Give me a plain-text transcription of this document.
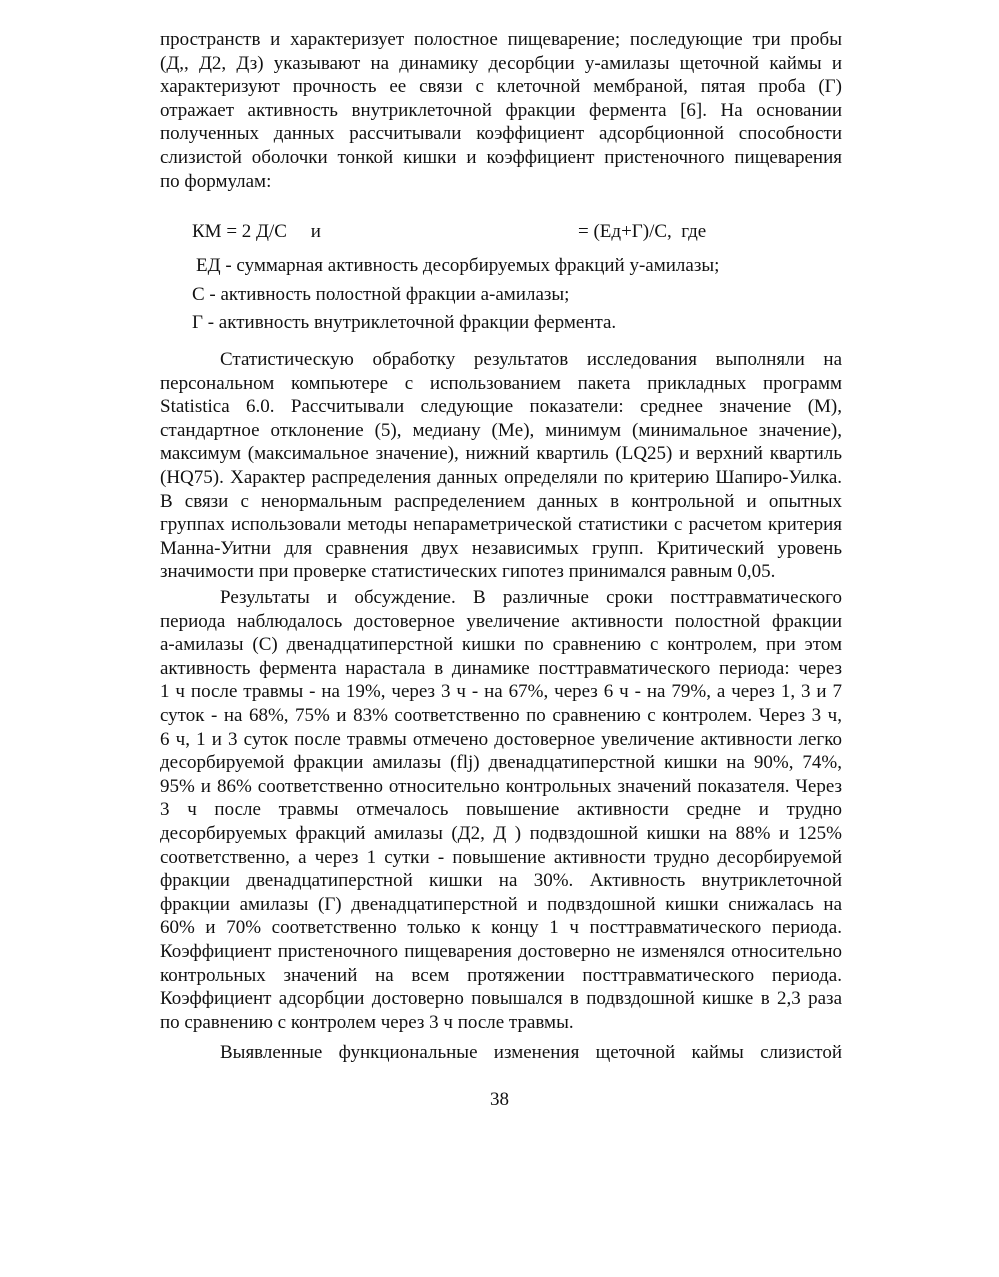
пространств и характеризует полостное пищеварение; последующие три пробы
(Д,, Д2, Дз) указывают на динамику десорбции у-амилазы щеточной каймы и
характеризуют прочность ее связи с клеточной мембраной, пятая проба (Г)
отражает активность внутриклеточной фракции фермента [6]. На основании
полученных данных рассчитывали коэффициент адсорбционной способности
слизистой оболочки тонкой кишки и коэффициент пристеночного пищеварения
по формулам:
КМ = 2 Д/С     и	= (Ед+Г)/С,  где
ЕД - суммарная активность десорбируемых фракций у-амилазы;
С - активность полостной фракции а-амилазы;
Г - активность внутриклеточной фракции фермента.
Статистическую обработку результатов исследования выполняли на
персональном компьютере с использованием пакета прикладных программ
Statistica 6.0. Рассчитывали следующие показатели: среднее значение (М),
стандартное отклонение (5), медиану (Me), минимум (минимальное значение),
максимум (максимальное значение), нижний квартиль (LQ25) и верхний квартиль
(HQ75). Характер распределения данных определяли по критерию Шапиро-Уилка.
В связи с ненормальным распределением данных в контрольной и опытных
группах использовали методы непараметрической статистики с расчетом критерия
Манна-Уитни для сравнения двух независимых групп. Критический уровень
значимости при проверке статистических гипотез принимался равным 0,05.
Результаты и обсуждение. В различные сроки посттравматического
периода наблюдалось достоверное увеличение активности полостной фракции
а-амилазы (С) двенадцатиперстной кишки по сравнению с контролем, при этом
активность фермента нарастала в динамике посттравматического периода: через
1 ч после травмы - на 19%, через 3 ч - на 67%, через 6 ч - на 79%, а через 1, 3 и 7
суток - на 68%, 75% и 83% соответственно по сравнению с контролем. Через 3 ч,
6 ч, 1 и 3 суток после травмы отмечено достоверное увеличение активности легко
десорбируемой фракции амилазы (flj) двенадцатиперстной кишки на 90%, 74%,
95% и 86% соответственно относительно контрольных значений показателя. Через
3 ч после травмы отмечалось повышение активности средне и трудно
десорбируемых фракций амилазы (Д2, Д ) подвздошной кишки на 88% и 125%
соответственно, а через 1 сутки - повышение активности трудно десорбируемой
фракции двенадцатиперстной кишки на 30%. Активность внутриклеточной
фракции амилазы (Г) двенадцатиперстной и подвздошной кишки снижалась на
60% и 70% соответственно только к концу 1 ч посттравматического периода.
Коэффициент пристеночного пищеварения достоверно не изменялся относительно
контрольных значений на всем протяжении посттравматического периода.
Коэффициент адсорбции достоверно повышался в подвздошной кишке в 2,3 раза
по сравнению с контролем через 3 ч после травмы.
Выявленные функциональные изменения щеточной каймы слизистой
38
